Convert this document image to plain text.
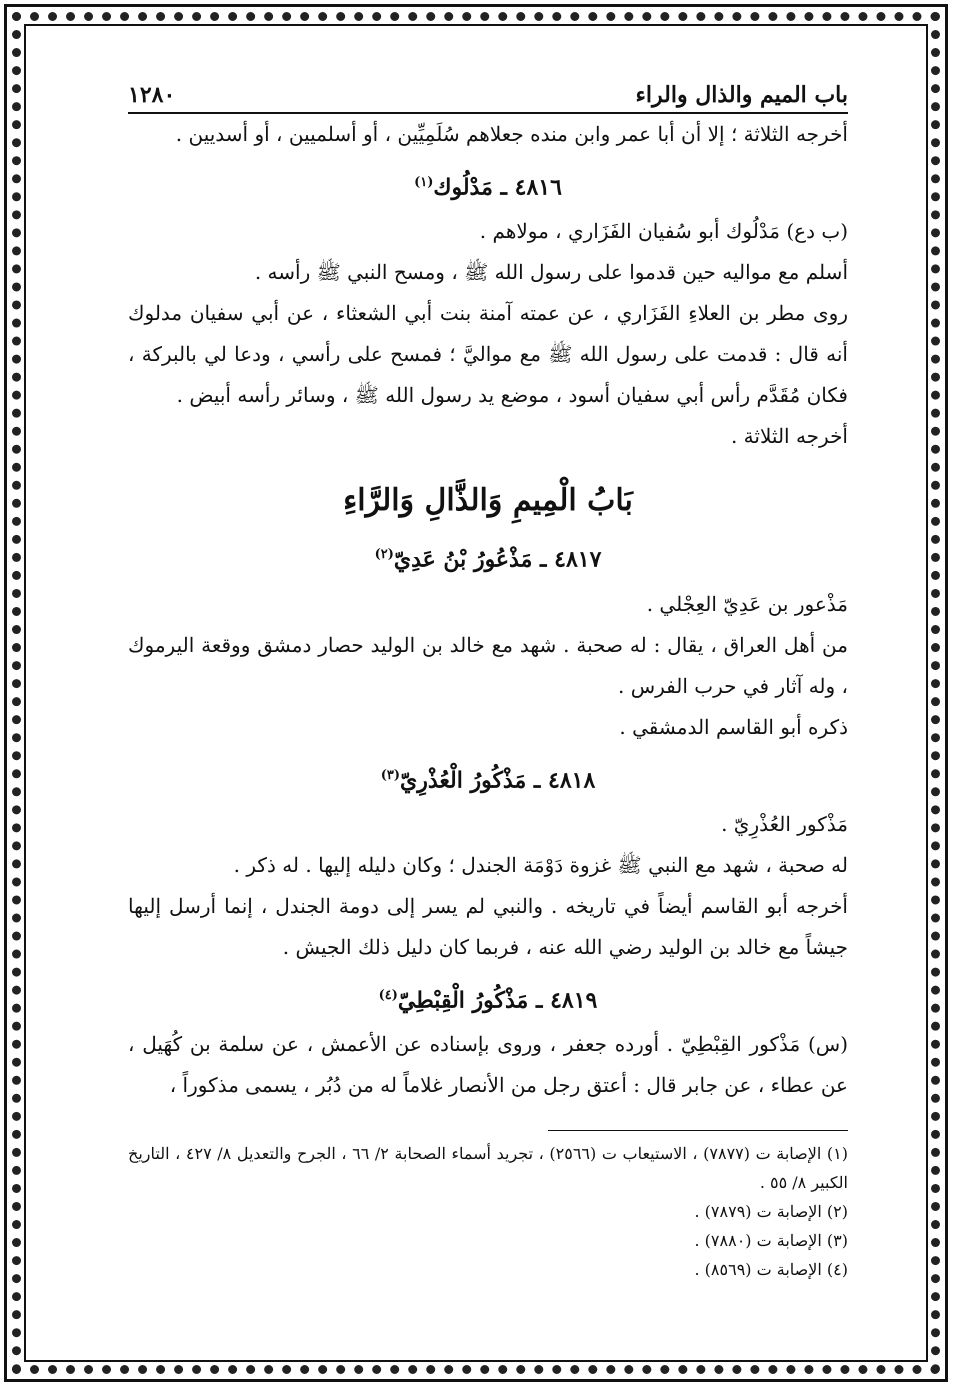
باب الميم والذال والراء
١٢٨٠

أخرجه الثلاثة ؛ إلا أن أبا عمر وابن منده جعلاهم سُلَمِيِّين ، أو أسلميين ، أو أسديين .

٤٨١٦ ـ مَدْلُوك$^{(١)}$

(ب دع) مَدْلُوك أبو سُفيان الفَزَاري ، مولاهم .

أسلم مع مواليه حين قدموا على رسول الله ﷺ ، ومسح النبي ﷺ رأسه .

روى مطر بن العلاءِ الفَزَاري ، عن عمته آمنة بنت أبي الشعثاء ، عن أبي سفيان مدلوك أنه قال : قدمت على رسول الله ﷺ مع مواليَّ ؛ فمسح على رأسي ، ودعا لي بالبركة ، فكان مُقَدَّم رأس أبي سفيان أسود ، موضع يد رسول الله ﷺ ، وسائر رأسه أبيض .

أخرجه الثلاثة .

بَابُ الْمِيمِ وَالذَّالِ وَالرَّاءِ
٤٨١٧ ـ مَذْعُورُ بْنُ عَدِيّ$^{(٢)}$

مَذْعور بن عَدِيّ العِجْلي .

من أهل العراق ، يقال : له صحبة . شهد مع خالد بن الوليد حصار دمشق ووقعة اليرموك ، وله آثار في حرب الفرس .

ذكره أبو القاسم الدمشقي .

٤٨١٨ ـ مَذْكُورُ الْعُذْرِيّ$^{(٣)}$

مَذْكور العُذْرِيّ .

له صحبة ، شهد مع النبي ﷺ غزوة دَوْمَة الجندل ؛ وكان دليله إليها . له ذكر .

أخرجه أبو القاسم أيضاً في تاريخه . والنبي لم يسر إلى دومة الجندل ، إنما أرسل إليها جيشاً مع خالد بن الوليد رضي الله عنه ، فربما كان دليل ذلك الجيش .

٤٨١٩ ـ مَذْكُورُ الْقِبْطِيّ$^{(٤)}$

(س) مَذْكور القِبْطِيّ . أورده جعفر ، وروى بإسناده عن الأعمش ، عن سلمة بن كُهَيل ، عن عطاء ، عن جابر قال : أعتق رجل من الأنصار غلاماً له من دُبُر ، يسمى مذكوراً ،

(١) الإصابة ت (٧٨٧٧) ، الاستيعاب ت (٢٥٦٦) ، تجريد أسماء الصحابة ٢/ ٦٦ ، الجرح والتعديل ٨/ ٤٢٧ ، التاريخ الكبير ٨/ ٥٥ .
(٢) الإصابة ت (٧٨٧٩) .
(٣) الإصابة ت (٧٨٨٠) .
(٤) الإصابة ت (٨٥٦٩) .
